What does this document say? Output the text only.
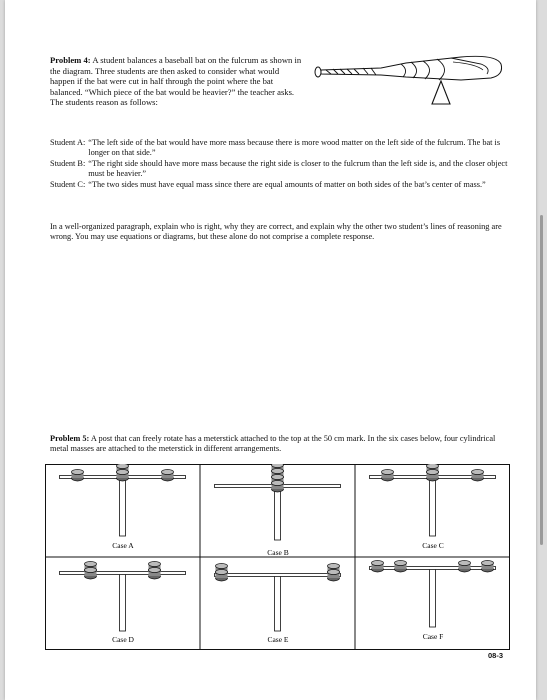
Problem 4: A student balances a baseball bat on the fulcrum as shown in the diagram. Three students are then asked to consider what would happen if the bat were cut in half through the point where the bat balanced. “Which piece of the bat would be heavier?” the teacher asks. The students reason as follows:
Student A: “The left side of the bat would have more mass because there is more wood matter on the left side of the fulcrum. The bat is longer on that side.”
Student B: “The right side should have more mass because the right side is closer to the fulcrum than the left side is, and the closer object must be heavier.”
Student C: “The two sides must have equal mass since there are equal amounts of matter on both sides of the bat’s center of mass.”
In a well-organized paragraph, explain who is right, why they are correct, and explain why the other two student’s lines of reasoning are wrong. You may use equations or diagrams, but these alone do not comprise a complete response.
Problem 5: A post that can freely rotate has a meterstick attached to the top at the 50 cm mark. In the six cases below, four cylindrical metal masses are attached to the meterstick in different arrangements.
Case A
Case B
Case C
Case D	Case E	Case F
08-3
